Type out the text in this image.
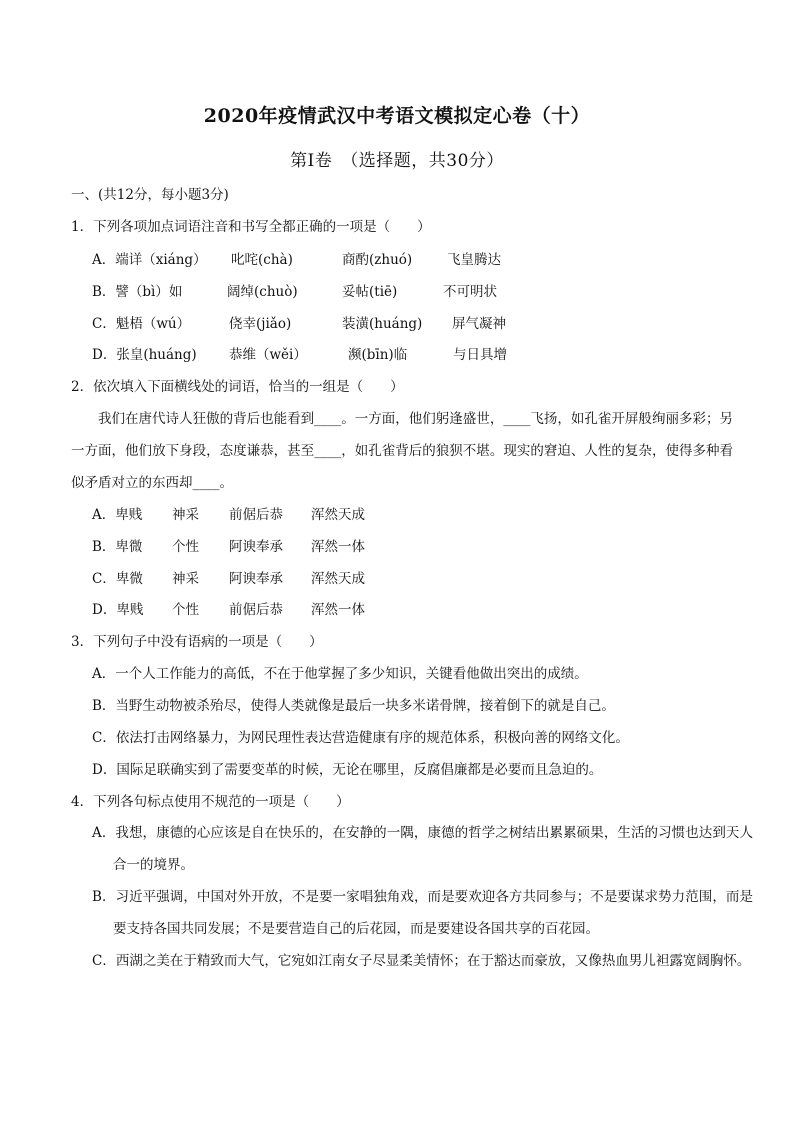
2020年疫情武汉中考语文模拟定心卷（十）
第Ⅰ卷　（选择题，共30分）
一、(共12分，每小题3分)
1．下列各项加点词语注音和书写全都正确的一项是（　　）
A．端详（xiáng） 叱咤(chà)	商酌(zhuó)	飞皇腾达
B．譬（bì）如	阔绰(chuò)	妥帖(tiē)	不可明状
C．魁梧（wú）	侥幸(jiǎo)	装潢(huáng) 屏气凝神
D．张皇(huáng) 恭维（wěi）	濒(bīn)临	与日具增
2．依次填入下面横线处的词语，恰当的一组是（　　）
我们在唐代诗人狂傲的背后也能看到____。一方面，他们躬逢盛世，____飞扬，如孔雀开屏般绚丽多彩；另一方面，他们放下身段，态度谦恭，甚至____，如孔雀背后的狼狈不堪。现实的窘迫、人性的复杂，使得多种看似矛盾对立的东西却____。
A．卑贱 神采 前倨后恭 浑然天成
B．卑微 个性 阿谀奉承 浑然一体
C．卑微 神采 阿谀奉承 浑然天成
D．卑贱 个性 前倨后恭 浑然一体
3．下列句子中没有语病的一项是（　　）
A．一个人工作能力的高低，不在于他掌握了多少知识，关键看他做出突出的成绩。
B．当野生动物被杀殆尽，使得人类就像是最后一块多米诺骨牌，接着倒下的就是自己。
C．依法打击网络暴力，为网民理性表达营造健康有序的规范体系，积极向善的网络文化。
D．国际足联确实到了需要变革的时候，无论在哪里，反腐倡廉都是必要而且急迫的。
4．下列各句标点使用不规范的一项是（　　）
A．我想，康德的心应该是自在快乐的，在安静的一隅，康德的哲学之树结出累累硕果，生活的习惯也达到天人合一的境界。
B．习近平强调，中国对外开放，不是要一家唱独角戏，而是要欢迎各方共同参与；不是要谋求势力范围，而是要支持各国共同发展；不是要营造自己的后花园，而是要建设各国共享的百花园。
C．西湖之美在于精致而大气，它宛如江南女子尽显柔美情怀；在于豁达而豪放，又像热血男儿袒露宽阔胸怀。
